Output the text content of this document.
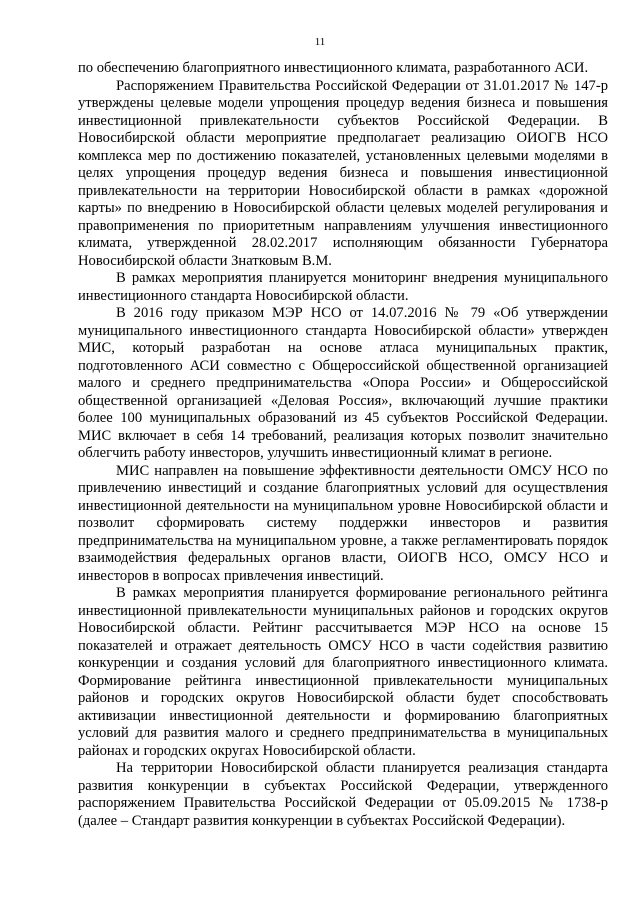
11

по обеспечению благоприятного инвестиционного климата, разработанного АСИ.

Распоряжением Правительства Российской Федерации от 31.01.2017 № 147-р утверждены целевые модели упрощения процедур ведения бизнеса и повышения инвестиционной привлекательности субъектов Российской Федерации. В Новосибирской области мероприятие предполагает реализацию ОИОГВ НСО комплекса мер по достижению показателей, установленных целевыми моделями в целях упрощения процедур ведения бизнеса и повышения инвестиционной привлекательности на территории Новосибирской области в рамках «дорожной карты» по внедрению в Новосибирской области целевых моделей регулирования и правоприменения по приоритетным направлениям улучшения инвестиционного климата, утвержденной 28.02.2017 исполняющим обязанности Губернатора Новосибирской области Знатковым В.М.

В рамках мероприятия планируется мониторинг внедрения муниципального инвестиционного стандарта Новосибирской области.

В 2016 году приказом МЭР НСО от 14.07.2016 № 79 «Об утверждении муниципального инвестиционного стандарта Новосибирской области» утвержден МИС, который разработан на основе атласа муниципальных практик, подготовленного АСИ совместно с Общероссийской общественной организацией малого и среднего предпринимательства «Опора России» и Общероссийской общественной организацией «Деловая Россия», включающий лучшие практики более 100 муниципальных образований из 45 субъектов Российской Федерации. МИС включает в себя 14 требований, реализация которых позволит значительно облегчить работу инвесторов, улучшить инвестиционный климат в регионе.

МИС направлен на повышение эффективности деятельности ОМСУ НСО по привлечению инвестиций и создание благоприятных условий для осуществления инвестиционной деятельности на муниципальном уровне Новосибирской области и позволит сформировать систему поддержки инвесторов и развития предпринимательства на муниципальном уровне, а также регламентировать порядок взаимодействия федеральных органов власти, ОИОГВ НСО, ОМСУ НСО и инвесторов в вопросах привлечения инвестиций.

В рамках мероприятия планируется формирование регионального рейтинга инвестиционной привлекательности муниципальных районов и городских округов Новосибирской области. Рейтинг рассчитывается МЭР НСО на основе 15 показателей и отражает деятельность ОМСУ НСО в части содействия развитию конкуренции и создания условий для благоприятного инвестиционного климата. Формирование рейтинга инвестиционной привлекательности муниципальных районов и городских округов Новосибирской области будет способствовать активизации инвестиционной деятельности и формированию благоприятных условий для развития малого и среднего предпринимательства в муниципальных районах и городских округах Новосибирской области.

На территории Новосибирской области планируется реализация стандарта развития конкуренции в субъектах Российской Федерации, утвержденного распоряжением Правительства Российской Федерации от 05.09.2015 № 1738-р (далее – Стандарт развития конкуренции в субъектах Российской Федерации).
